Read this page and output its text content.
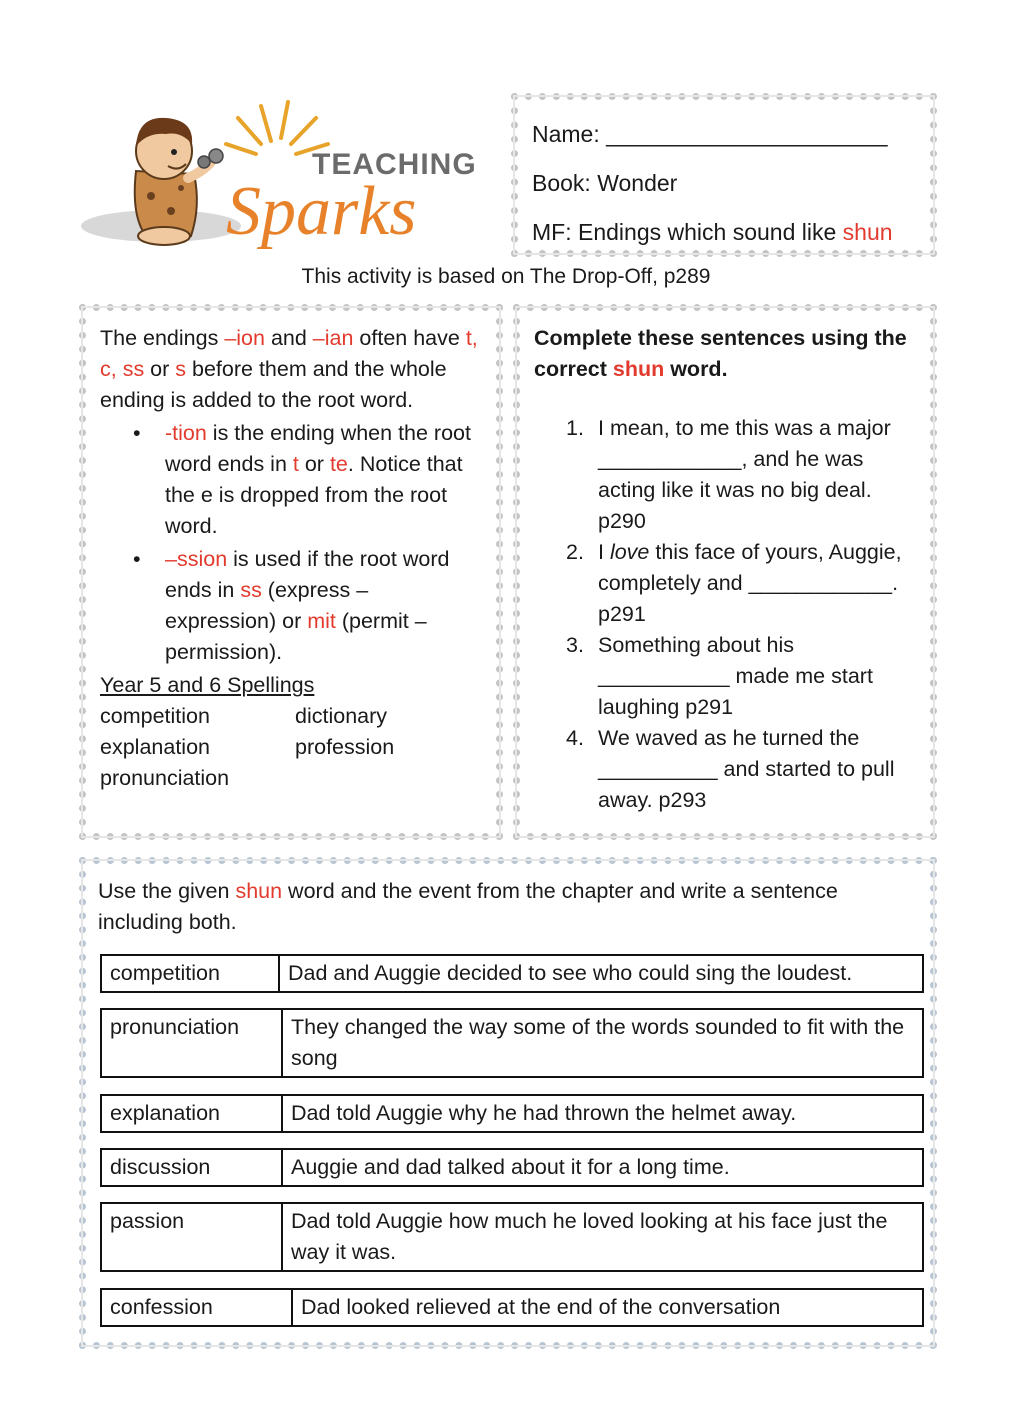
TEACHING
Sparks
Name: ______________________
Book: Wonder
MF: Endings which sound like shun
This activity is based on The Drop-Off, p289
The endings –ion and –ian often have t, c, ss or s before them and the whole ending is added to the root word.
• -tion is the ending when the root word ends in t or te. Notice that the e is dropped from the root word.
• –ssion is used if the root word ends in ss (express – expression) or mit (permit – permission).
Year 5 and 6 Spellings
competition	dictionary
explanation	profession
pronunciation
Complete these sentences using the correct shun word.
1. I mean, to me this was a major ____________, and he was acting like it was no big deal. p290
2. I love this face of yours, Auggie, completely and ____________. p291
3. Something about his ___________ made me start laughing p291
4. We waved as he turned the __________ and started to pull away. p293
Use the given shun word and the event from the chapter and write a sentence including both.
competition	Dad and Auggie decided to see who could sing the loudest.
pronunciation	They changed the way some of the words sounded to fit with the song
explanation	Dad told Auggie why he had thrown the helmet away.
discussion	Auggie and dad talked about it for a long time.
passion	Dad told Auggie how much he loved looking at his face just the way it was.
confession	Dad looked relieved at the end of the conversation
